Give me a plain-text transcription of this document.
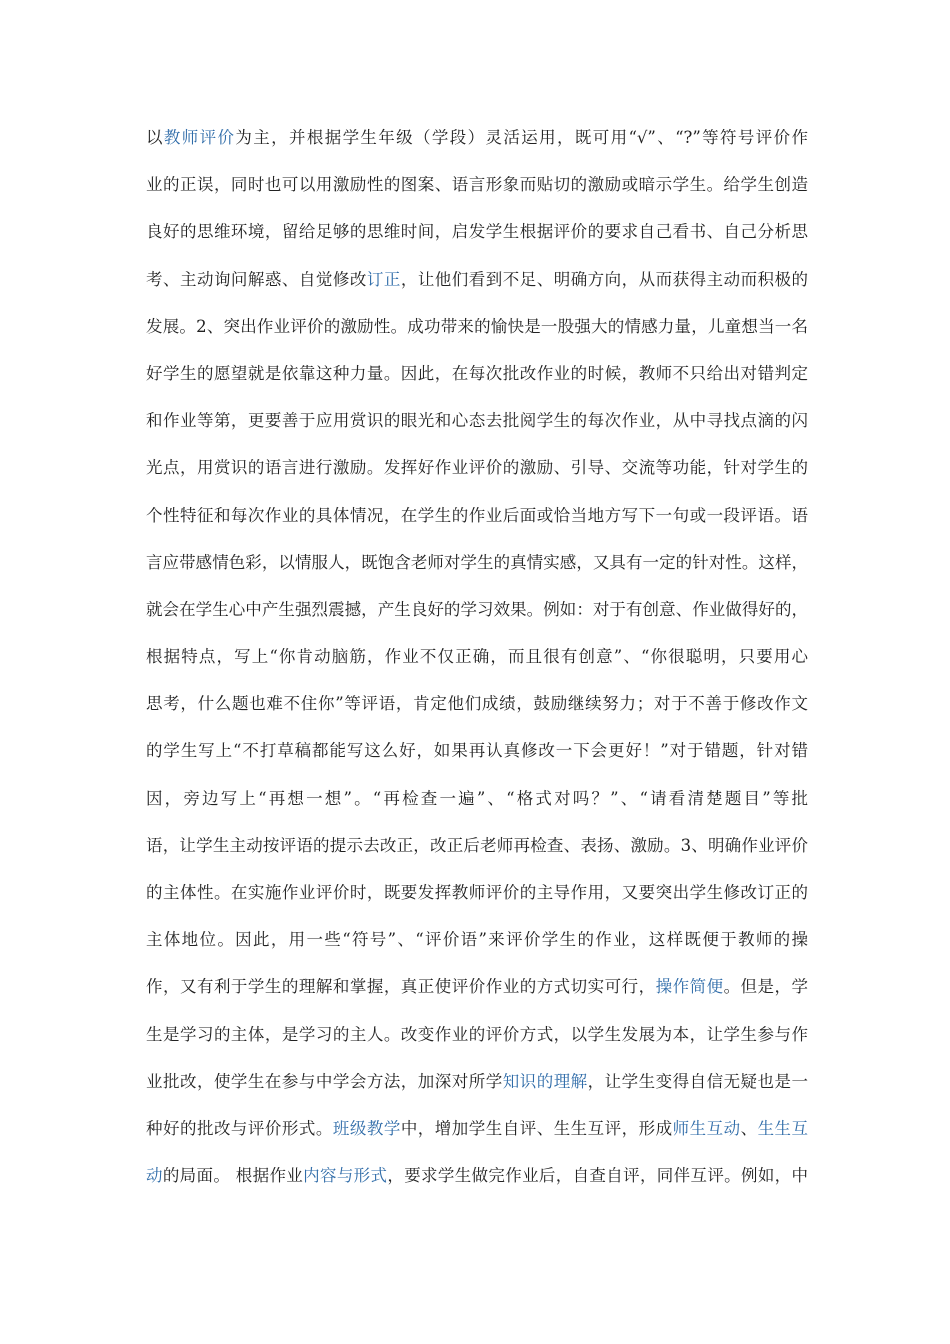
以教师评价为主，并根据学生年级（学段）灵活运用，既可用“√”、“?”等符号评价作
业的正误，同时也可以用激励性的图案、语言形象而贴切的激励或暗示学生。给学生创造
良好的思维环境，留给足够的思维时间，启发学生根据评价的要求自己看书、自己分析思
考、主动询问解惑、自觉修改订正，让他们看到不足、明确方向，从而获得主动而积极的
发展。2、突出作业评价的激励性。成功带来的愉快是一股强大的情感力量，儿童想当一名
好学生的愿望就是依靠这种力量。因此，在每次批改作业的时候，教师不只给出对错判定
和作业等第，更要善于应用赏识的眼光和心态去批阅学生的每次作业，从中寻找点滴的闪
光点，用赏识的语言进行激励。发挥好作业评价的激励、引导、交流等功能，针对学生的
个性特征和每次作业的具体情况，在学生的作业后面或恰当地方写下一句或一段评语。语
言应带感情色彩，以情服人，既饱含老师对学生的真情实感，又具有一定的针对性。这样，
就会在学生心中产生强烈震撼，产生良好的学习效果。例如：对于有创意、作业做得好的，
根据特点，写上“你肯动脑筋，作业不仅正确，而且很有创意”、“你很聪明，只要用心
思考，什么题也难不住你”等评语，肯定他们成绩，鼓励继续努力；对于不善于修改作文
的学生写上“不打草稿都能写这么好，如果再认真修改一下会更好！”对于错题，针对错
因，旁边写上“再想一想”。“再检查一遍”、“格式对吗？”、“请看清楚题目”等批
语，让学生主动按评语的提示去改正，改正后老师再检查、表扬、激励。3、明确作业评价
的主体性。在实施作业评价时，既要发挥教师评价的主导作用，又要突出学生修改订正的
主体地位。因此，用一些“符号”、“评价语”来评价学生的作业，这样既便于教师的操
作，又有利于学生的理解和掌握，真正使评价作业的方式切实可行，操作简便。但是，学
生是学习的主体，是学习的主人。改变作业的评价方式，以学生发展为本，让学生参与作
业批改，使学生在参与中学会方法，加深对所学知识的理解，让学生变得自信无疑也是一
种好的批改与评价形式。班级教学中，增加学生自评、生生互评，形成师生互动、生生互
动的局面。 根据作业内容与形式，要求学生做完作业后，自查自评，同伴互评。例如，中
